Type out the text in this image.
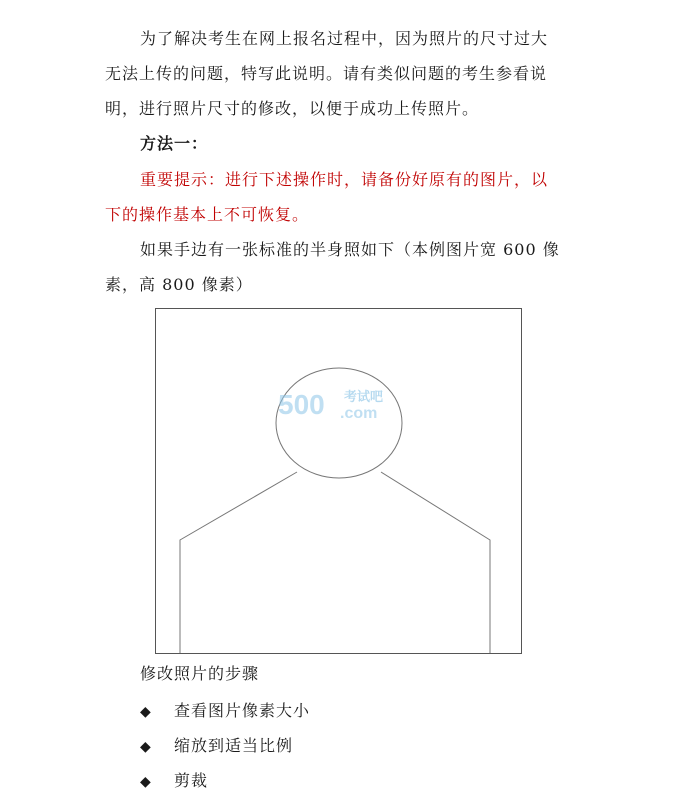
为了解决考生在网上报名过程中，因为照片的尺寸过大
无法上传的问题，特写此说明。请有类似问题的考生参看说
明，进行照片尺寸的修改，以便于成功上传照片。
方法一：
重要提示：进行下述操作时，请备份好原有的图片，以
下的操作基本上不可恢复。
如果手边有一张标准的半身照如下（本例图片宽 600 像
素，高 800 像素）
500 考试吧
.com
修改照片的步骤
◆ 查看图片像素大小
◆ 缩放到适当比例
◆ 剪裁
